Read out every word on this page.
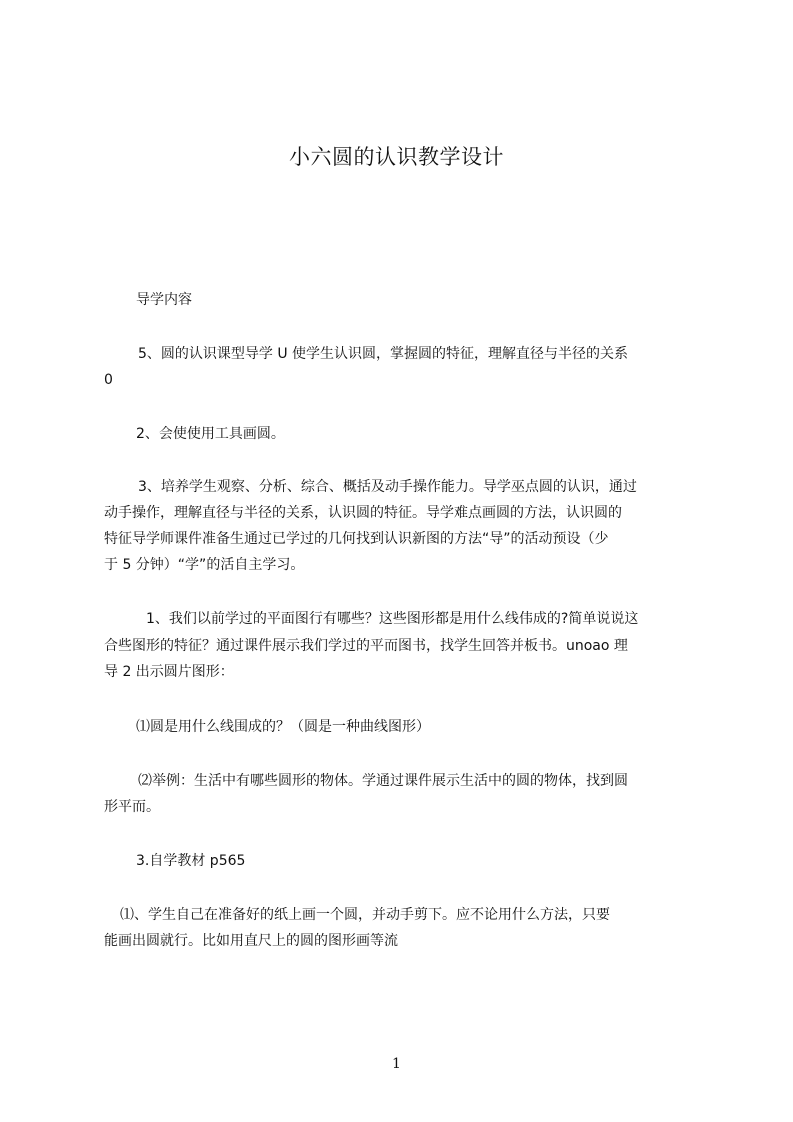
小六圆的认识教学设计

导学内容

5、圆的认识课型导学 U 使学生认识圆，掌握圆的特征，理解直径与半径的关系

0

2、会使使用工具画圆。

3、培养学生观察、分析、综合、概括及动手操作能力。导学巫点圆的认识，通过

动手操作，理解直径与半径的关系，认识圆的特征。导学难点画圆的方法，认识圆的

特征导学师课件准备生通过已学过的几何找到认识新图的方法“导”的活动预设（少

于 5 分钟）“学”的活自主学习。

1、我们以前学过的平面图行有哪些？这些图形都是用什么线伟成的?简单说说这

合些图形的特征？通过课件展示我们学过的平而图书，找学生回答并板书。unoao 理

导 2 出示圆片图形：

⑴圆是用什么线围成的？（圆是一种曲线图形）

⑵举例：生活中有哪些圆形的物体。学通过课件展示生活中的圆的物体，找到圆

形平而。

3.自学教材 p565

⑴、学生自己在准备好的纸上画一个圆，并动手剪下。应不论用什么方法，只要

能画出圆就行。比如用直尺上的圆的图形画等流

1
